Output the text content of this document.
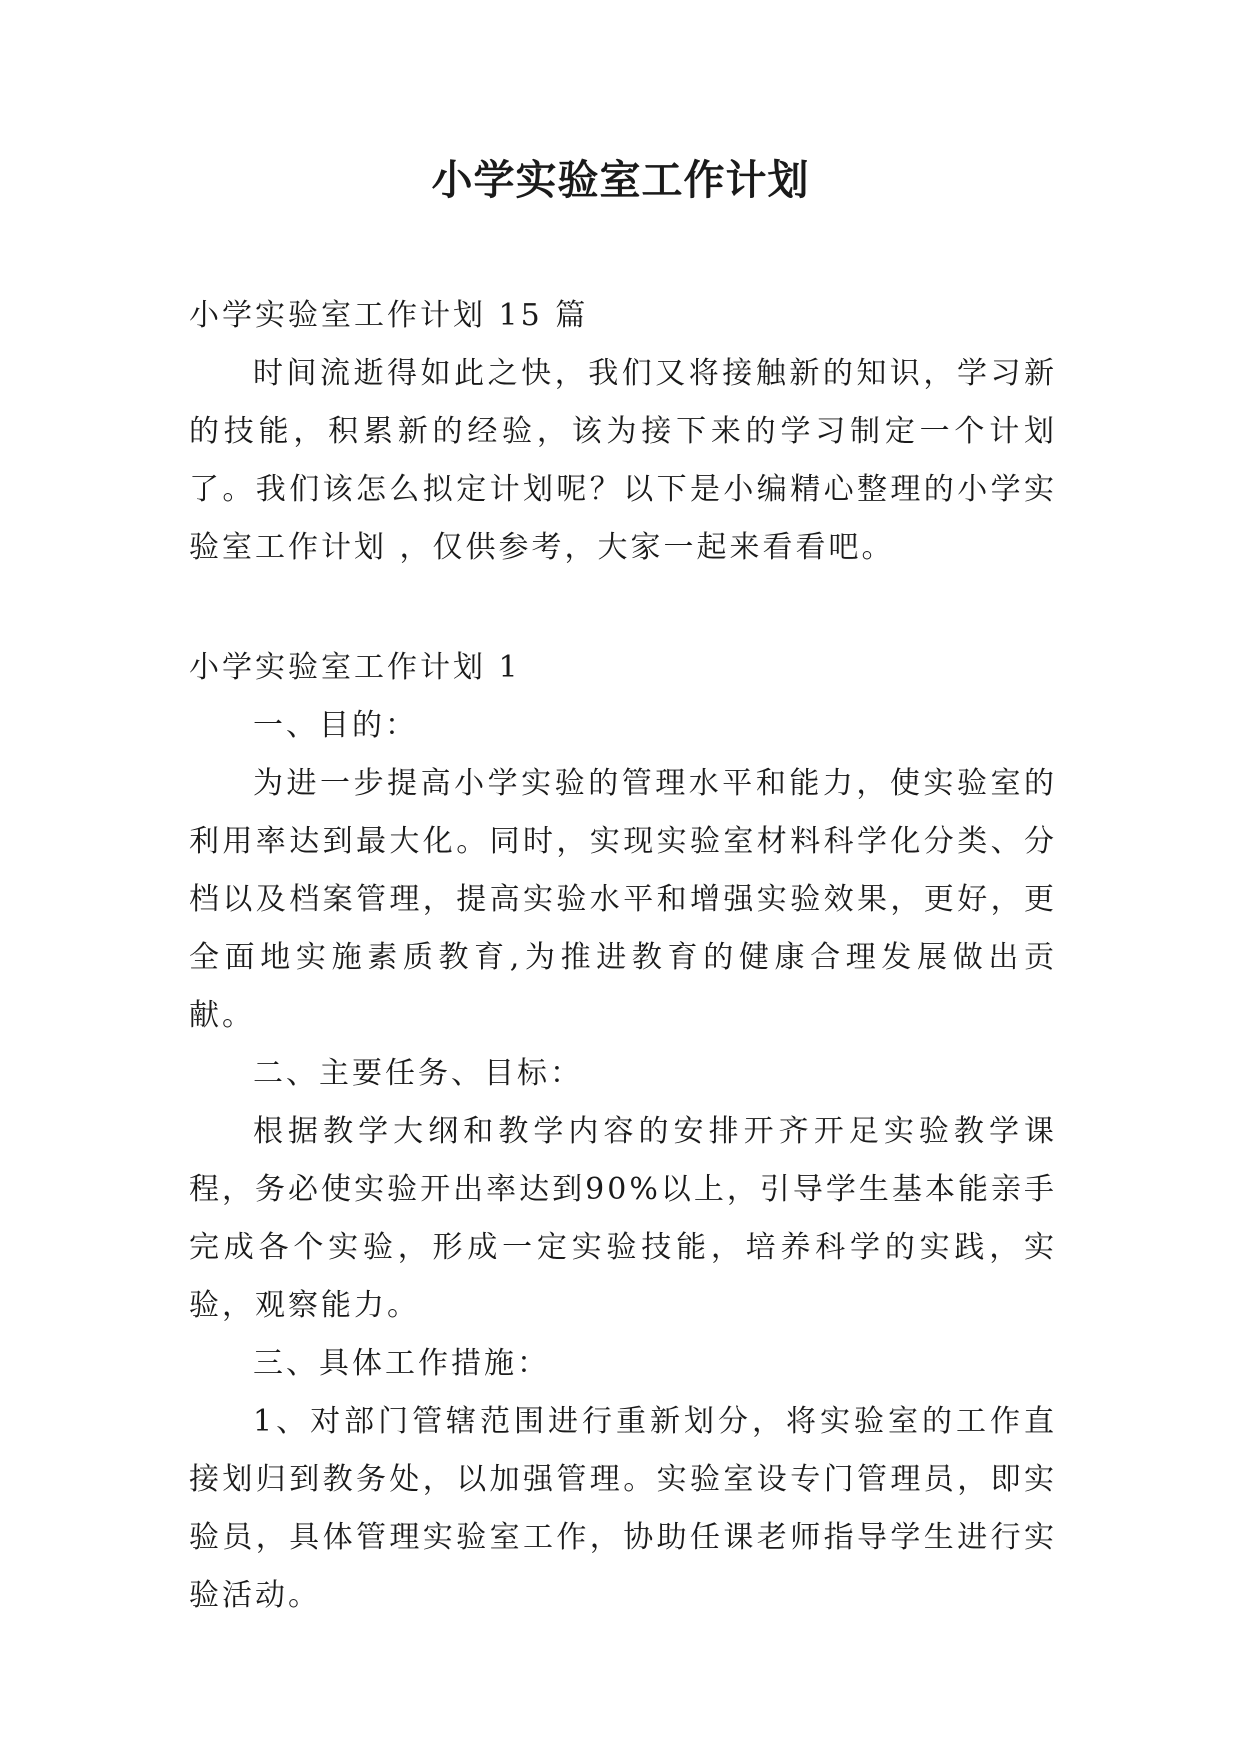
小学实验室工作计划

小学实验室工作计划 15 篇

时间流逝得如此之快，我们又将接触新的知识，学习新的技能，积累新的经验，该为接下来的学习制定一个计划了。我们该怎么拟定计划呢？以下是小编精心整理的小学实验室工作计划 ，仅供参考，大家一起来看看吧。

小学实验室工作计划 1

一、目的：

为进一步提高小学实验的管理水平和能力，使实验室的利用率达到最大化。同时，实现实验室材料科学化分类、分档以及档案管理，提高实验水平和增强实验效果，更好，更全面地实施素质教育,为推进教育的健康合理发展做出贡献。

二、主要任务、目标：

根据教学大纲和教学内容的安排开齐开足实验教学课程，务必使实验开出率达到90%以上，引导学生基本能亲手完成各个实验，形成一定实验技能，培养科学的实践，实验，观察能力。

三、具体工作措施：

1、对部门管辖范围进行重新划分，将实验室的工作直接划归到教务处，以加强管理。实验室设专门管理员，即实验员，具体管理实验室工作，协助任课老师指导学生进行实验活动。
